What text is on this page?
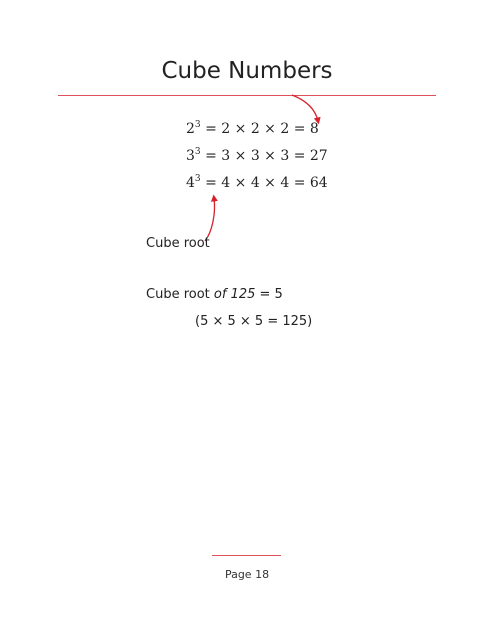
Cube Numbers
$2^3 = 2 \times 2 \times 2 = 8$
$3^3 = 3 \times 3 \times 3 = 27$
$4^3 = 4 \times 4 \times 4 = 64$
Cube root
Cube root of 125 = 5
(5 × 5 × 5 = 125)
Page 18
